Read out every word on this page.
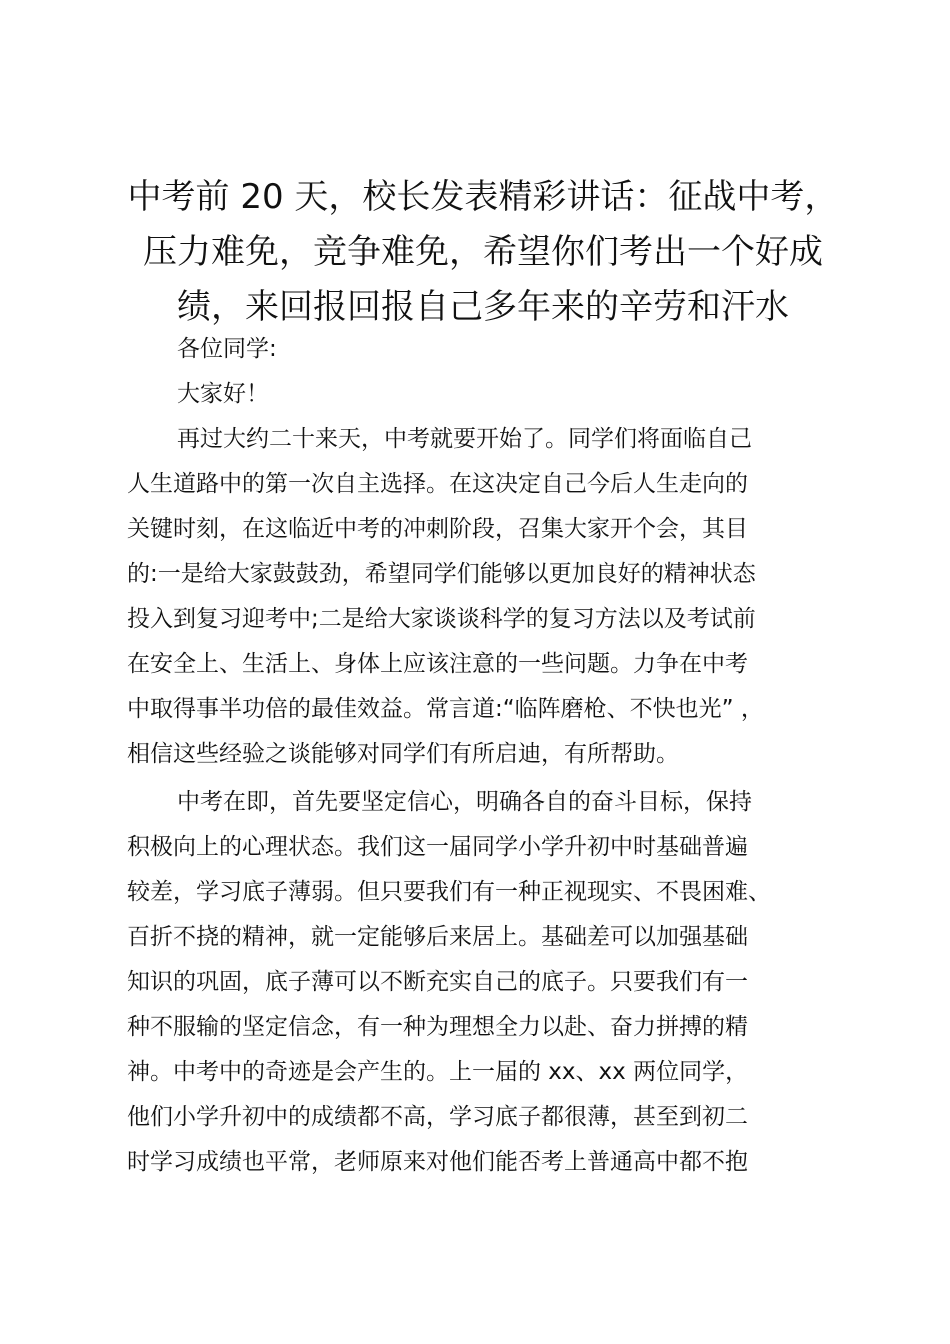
中考前 20 天，校长发表精彩讲话：征战中考，
压力难免，竞争难免，希望你们考出一个好成
绩，来回报回报自己多年来的辛劳和汗水
各位同学:
大家好！
再过大约二十来天，中考就要开始了。同学们将面临自己
人生道路中的第一次自主选择。在这决定自己今后人生走向的
关键时刻，在这临近中考的冲刺阶段，召集大家开个会，其目
的:一是给大家鼓鼓劲，希望同学们能够以更加良好的精神状态
投入到复习迎考中;二是给大家谈谈科学的复习方法以及考试前
在安全上、生活上、身体上应该注意的一些问题。力争在中考
中取得事半功倍的最佳效益。常言道:“临阵磨枪、不快也光” ，
相信这些经验之谈能够对同学们有所启迪，有所帮助。
中考在即，首先要坚定信心，明确各自的奋斗目标，保持
积极向上的心理状态。我们这一届同学小学升初中时基础普遍
较差，学习底子薄弱。但只要我们有一种正视现实、不畏困难、
百折不挠的精神，就一定能够后来居上。基础差可以加强基础
知识的巩固，底子薄可以不断充实自己的底子。只要我们有一
种不服输的坚定信念，有一种为理想全力以赴、奋力拼搏的精
神。中考中的奇迹是会产生的。上一届的 xx、xx 两位同学，
他们小学升初中的成绩都不高，学习底子都很薄，甚至到初二
时学习成绩也平常，老师原来对他们能否考上普通高中都不抱
